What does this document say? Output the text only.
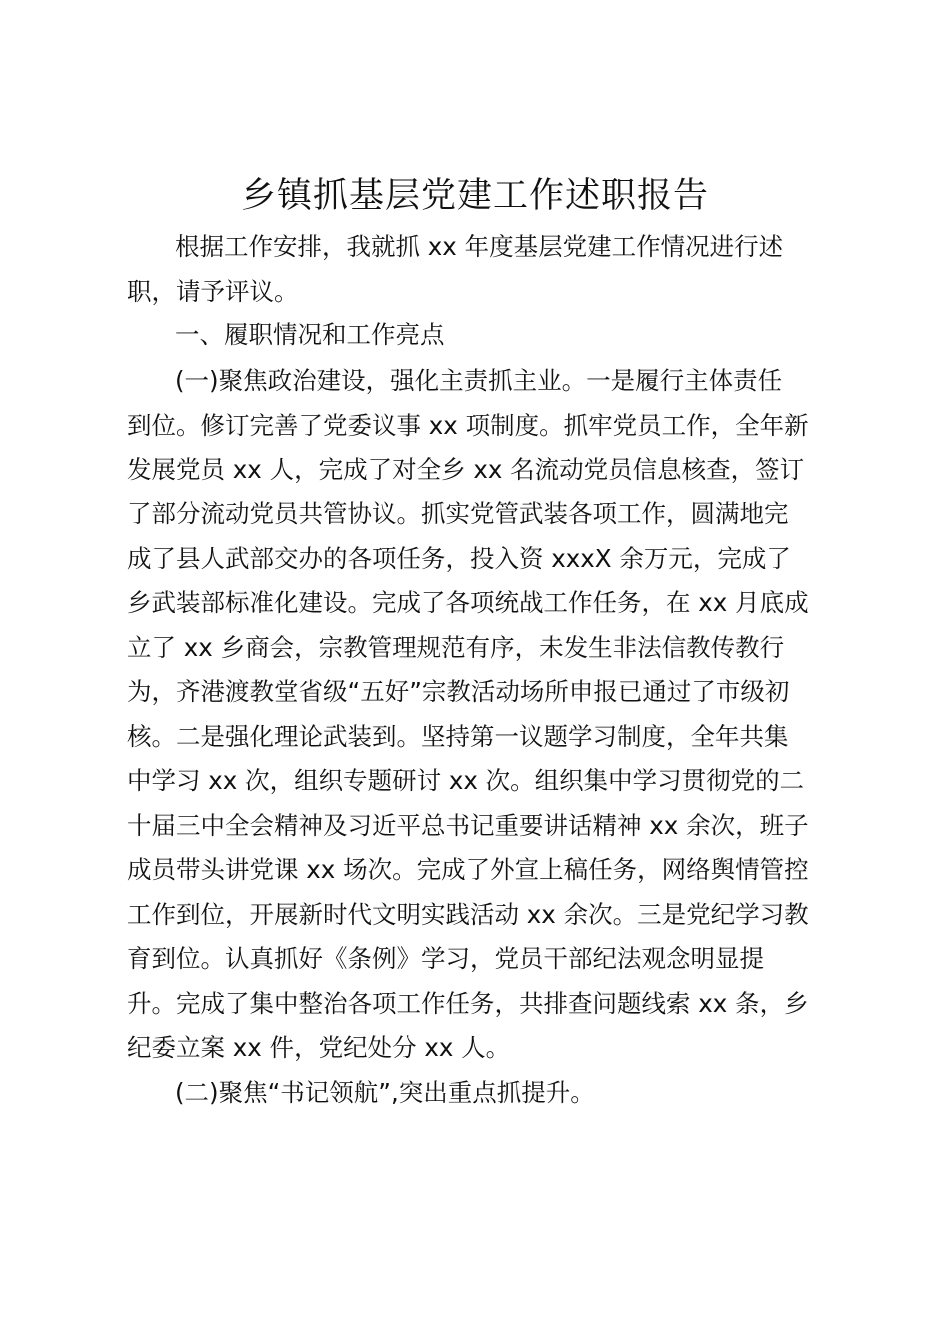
乡镇抓基层党建工作述职报告
根据工作安排，我就抓 xx 年度基层党建工作情况进行述
职，请予评议。
一、履职情况和工作亮点
(一)聚焦政治建设，强化主责抓主业。一是履行主体责任
到位。修订完善了党委议事 xx 项制度。抓牢党员工作，全年新
发展党员 xx 人，完成了对全乡 xx 名流动党员信息核查，签订
了部分流动党员共管协议。抓实党管武装各项工作，圆满地完
成了县人武部交办的各项任务，投入资 xxxX 余万元，完成了
乡武装部标准化建设。完成了各项统战工作任务，在 xx 月底成
立了 xx 乡商会，宗教管理规范有序，未发生非法信教传教行
为，齐港渡教堂省级“五好”宗教活动场所申报已通过了市级初
核。二是强化理论武装到。坚持第一议题学习制度，全年共集
中学习 xx 次，组织专题研讨 xx 次。组织集中学习贯彻党的二
十届三中全会精神及习近平总书记重要讲话精神 xx 余次，班子
成员带头讲党课 xx 场次。完成了外宣上稿任务，网络舆情管控
工作到位，开展新时代文明实践活动 xx 余次。三是党纪学习教
育到位。认真抓好《条例》学习，党员干部纪法观念明显提
升。完成了集中整治各项工作任务，共排查问题线索 xx 条，乡
纪委立案 xx 件，党纪处分 xx 人。
(二)聚焦“书记领航”,突出重点抓提升。
